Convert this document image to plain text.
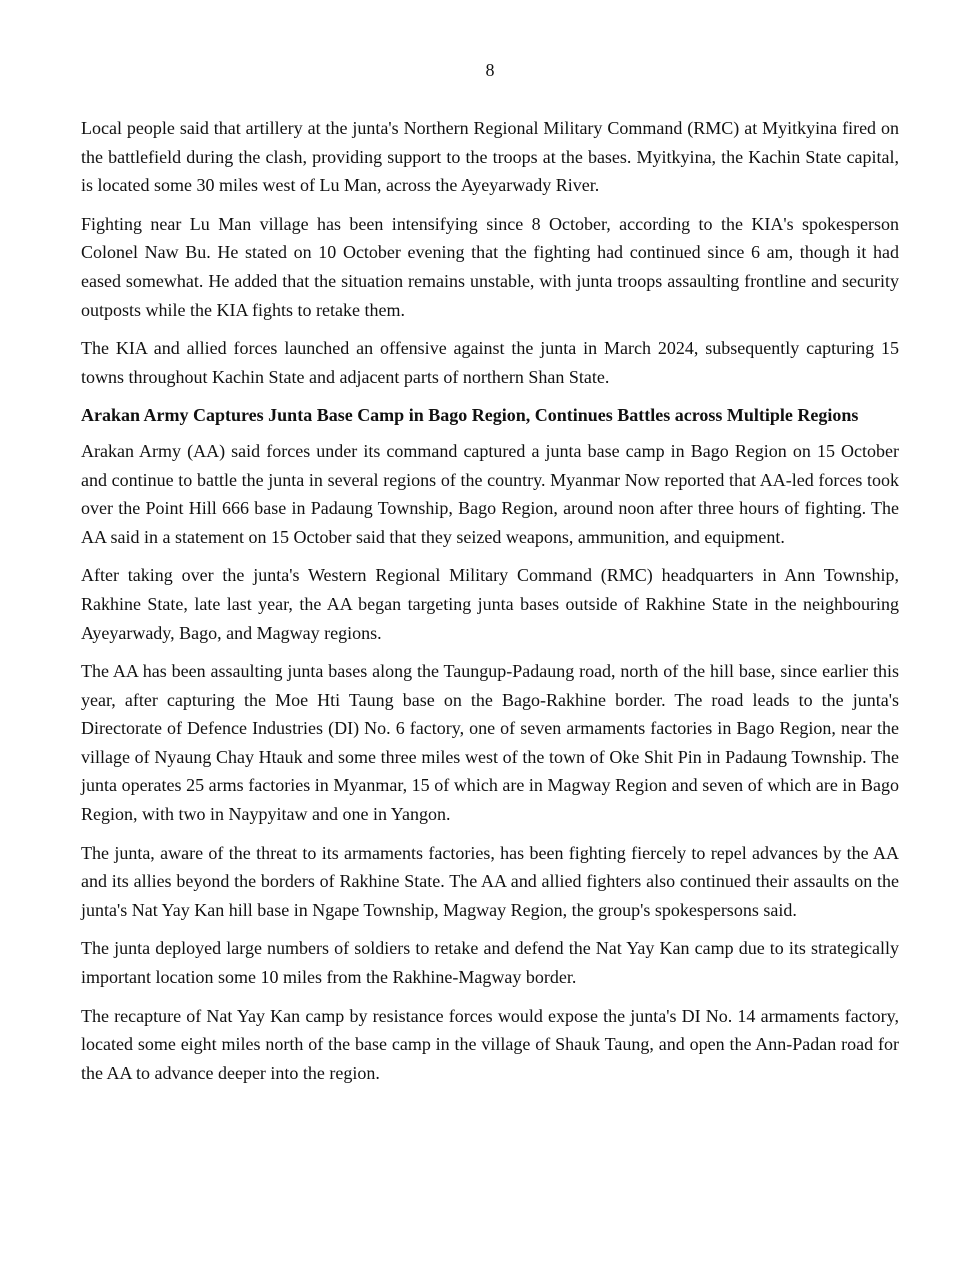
8

Local people said that artillery at the junta's Northern Regional Military Command (RMC) at Myitkyina fired on the battlefield during the clash, providing support to the troops at the bases. Myitkyina, the Kachin State capital, is located some 30 miles west of Lu Man, across the Ayeyarwady River.

Fighting near Lu Man village has been intensifying since 8 October, according to the KIA's spokesperson Colonel Naw Bu. He stated on 10 October evening that the fighting had continued since 6 am, though it had eased somewhat. He added that the situation remains unstable, with junta troops assaulting frontline and security outposts while the KIA fights to retake them.

The KIA and allied forces launched an offensive against the junta in March 2024, subsequently capturing 15 towns throughout Kachin State and adjacent parts of northern Shan State.

Arakan Army Captures Junta Base Camp in Bago Region, Continues Battles across Multiple Regions

Arakan Army (AA) said forces under its command captured a junta base camp in Bago Region on 15 October and continue to battle the junta in several regions of the country. Myanmar Now reported that AA-led forces took over the Point Hill 666 base in Padaung Township, Bago Region, around noon after three hours of fighting. The AA said in a statement on 15 October said that they seized weapons, ammunition, and equipment.

After taking over the junta's Western Regional Military Command (RMC) headquarters in Ann Township, Rakhine State, late last year, the AA began targeting junta bases outside of Rakhine State in the neighbouring Ayeyarwady, Bago, and Magway regions.

The AA has been assaulting junta bases along the Taungup-Padaung road, north of the hill base, since earlier this year, after capturing the Moe Hti Taung base on the Bago-Rakhine border. The road leads to the junta's Directorate of Defence Industries (DI) No. 6 factory, one of seven armaments factories in Bago Region, near the village of Nyaung Chay Htauk and some three miles west of the town of Oke Shit Pin in Padaung Township. The junta operates 25 arms factories in Myanmar, 15 of which are in Magway Region and seven of which are in Bago Region, with two in Naypyitaw and one in Yangon.

The junta, aware of the threat to its armaments factories, has been fighting fiercely to repel advances by the AA and its allies beyond the borders of Rakhine State. The AA and allied fighters also continued their assaults on the junta's Nat Yay Kan hill base in Ngape Township, Magway Region, the group's spokespersons said.

The junta deployed large numbers of soldiers to retake and defend the Nat Yay Kan camp due to its strategically important location some 10 miles from the Rakhine-Magway border.

The recapture of Nat Yay Kan camp by resistance forces would expose the junta's DI No. 14 armaments factory, located some eight miles north of the base camp in the village of Shauk Taung, and open the Ann-Padan road for the AA to advance deeper into the region.
